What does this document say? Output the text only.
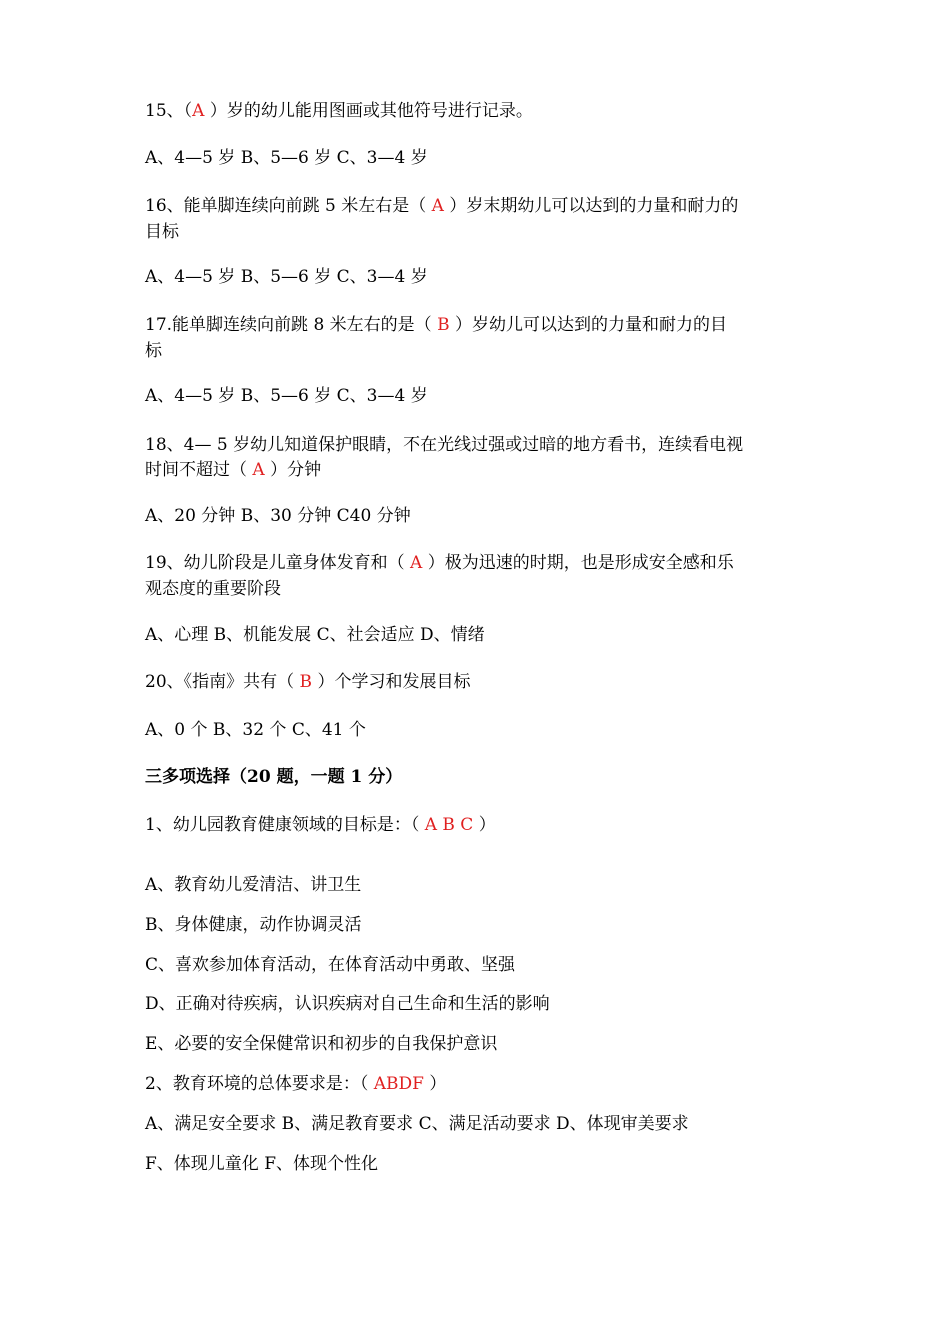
15、（A ）岁的幼儿能用图画或其他符号进行记录。
A、4—5 岁 B、5—6 岁 C、3—4 岁
16、能单脚连续向前跳 5 米左右是（ A ）岁末期幼儿可以达到的力量和耐力的
目标
A、4—5 岁 B、5—6 岁 C、3—4 岁
17.能单脚连续向前跳 8 米左右的是（ B ）岁幼儿可以达到的力量和耐力的目
标
A、4—5 岁 B、5—6 岁 C、3—4 岁
18、4— 5 岁幼儿知道保护眼睛，不在光线过强或过暗的地方看书，连续看电视
时间不超过（ A ）分钟
A、20 分钟 B、30 分钟 C40 分钟
19、幼儿阶段是儿童身体发育和（ A ）极为迅速的时期，也是形成安全感和乐
观态度的重要阶段
A、心理 B、机能发展 C、社会适应 D、情绪
20、《指南》共有（ B ）个学习和发展目标
A、0 个 B、32 个 C、41 个
三多项选择（20 题，一题 1 分）
1、幼儿园教育健康领域的目标是：（ A B C ）
A、教育幼儿爱清洁、讲卫生
B、身体健康，动作协调灵活
C、喜欢参加体育活动，在体育活动中勇敢、坚强
D、正确对待疾病，认识疾病对自己生命和生活的影响
E、必要的安全保健常识和初步的自我保护意识
2、教育环境的总体要求是：（ ABDF ）
A、满足安全要求 B、满足教育要求 C、满足活动要求 D、体现审美要求
F、体现儿童化 F、体现个性化
